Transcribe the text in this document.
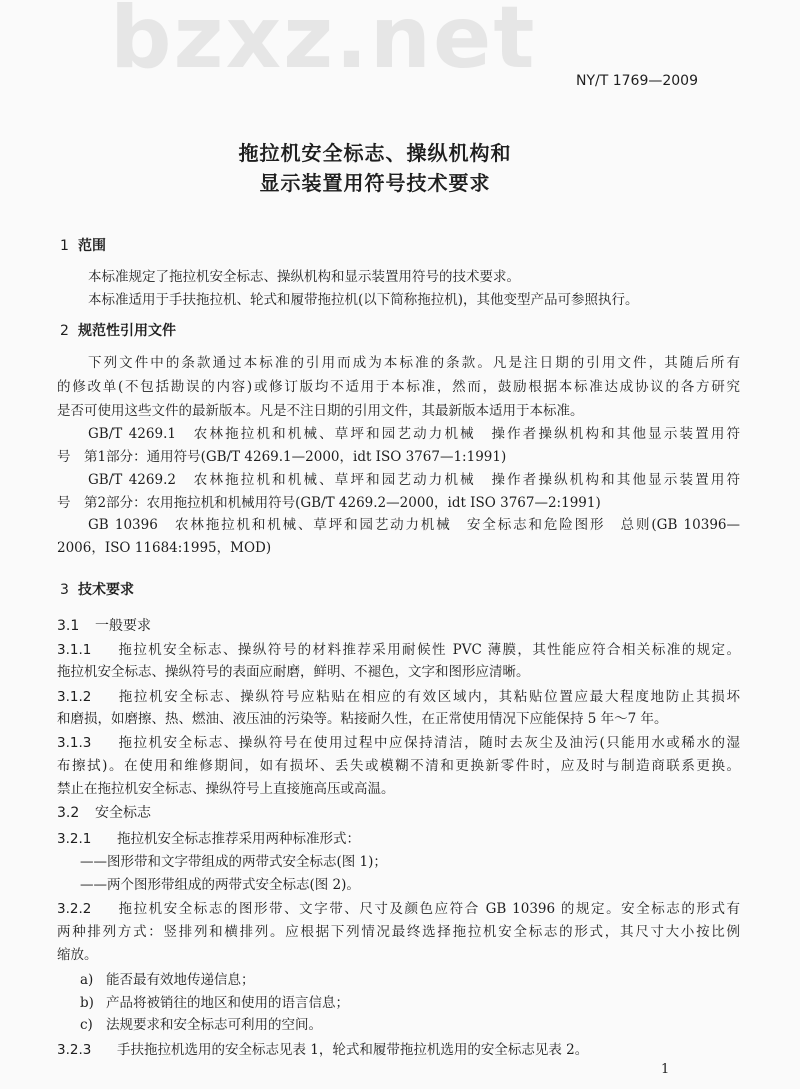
bzxz.net	NY/T 1769—2009
拖拉机安全标志、操纵机构和
显示装置用符号技术要求
1 范围
本标准规定了拖拉机安全标志、操纵机构和显示装置用符号的技术要求。
本标准适用于手扶拖拉机、轮式和履带拖拉机(以下简称拖拉机)，其他变型产品可参照执行。
2 规范性引用文件
下列文件中的条款通过本标准的引用而成为本标准的条款。凡是注日期的引用文件，其随后所有
的修改单(不包括勘误的内容)或修订版均不适用于本标准，然而，鼓励根据本标准达成协议的各方研究
是否可使用这些文件的最新版本。凡是不注日期的引用文件，其最新版本适用于本标准。
GB/T 4269.1　农林拖拉机和机械、草坪和园艺动力机械　操作者操纵机构和其他显示装置用符
号　第1部分：通用符号(GB/T 4269.1—2000，idt ISO 3767—1:1991)
GB/T 4269.2　农林拖拉机和机械、草坪和园艺动力机械　操作者操纵机构和其他显示装置用符
号　第2部分：农用拖拉机和机械用符号(GB/T 4269.2—2000，idt ISO 3767—2:1991)
GB 10396　农林拖拉机和机械、草坪和园艺动力机械　安全标志和危险图形　总则(GB 10396—
2006，ISO 11684:1995，MOD)
3 技术要求
3.1 一般要求
3.1.1 拖拉机安全标志、操纵符号的材料推荐采用耐候性 PVC 薄膜，其性能应符合相关标准的规定。
拖拉机安全标志、操纵符号的表面应耐磨，鲜明、不褪色，文字和图形应清晰。
3.1.2 拖拉机安全标志、操纵符号应粘贴在相应的有效区域内，其粘贴位置应最大程度地防止其损坏
和磨损，如磨擦、热、燃油、液压油的污染等。粘接耐久性，在正常使用情况下应能保持 5 年～7 年。
3.1.3 拖拉机安全标志、操纵符号在使用过程中应保持清洁，随时去灰尘及油污(只能用水或稀水的湿
布擦拭)。在使用和维修期间，如有损坏、丢失或模糊不清和更换新零件时，应及时与制造商联系更换。
禁止在拖拉机安全标志、操纵符号上直接施高压或高温。
3.2 安全标志
3.2.1 拖拉机安全标志推荐采用两种标准形式：
——图形带和文字带组成的两带式安全标志(图 1)；
——两个图形带组成的两带式安全标志(图 2)。
3.2.2 拖拉机安全标志的图形带、文字带、尺寸及颜色应符合 GB 10396 的规定。安全标志的形式有
两种排列方式：竖排列和横排列。应根据下列情况最终选择拖拉机安全标志的形式，其尺寸大小按比例
缩放。
a) 能否最有效地传递信息；
b) 产品将被销往的地区和使用的语言信息；
c) 法规要求和安全标志可利用的空间。
3.2.3 手扶拖拉机选用的安全标志见表 1，轮式和履带拖拉机选用的安全标志见表 2。
1
